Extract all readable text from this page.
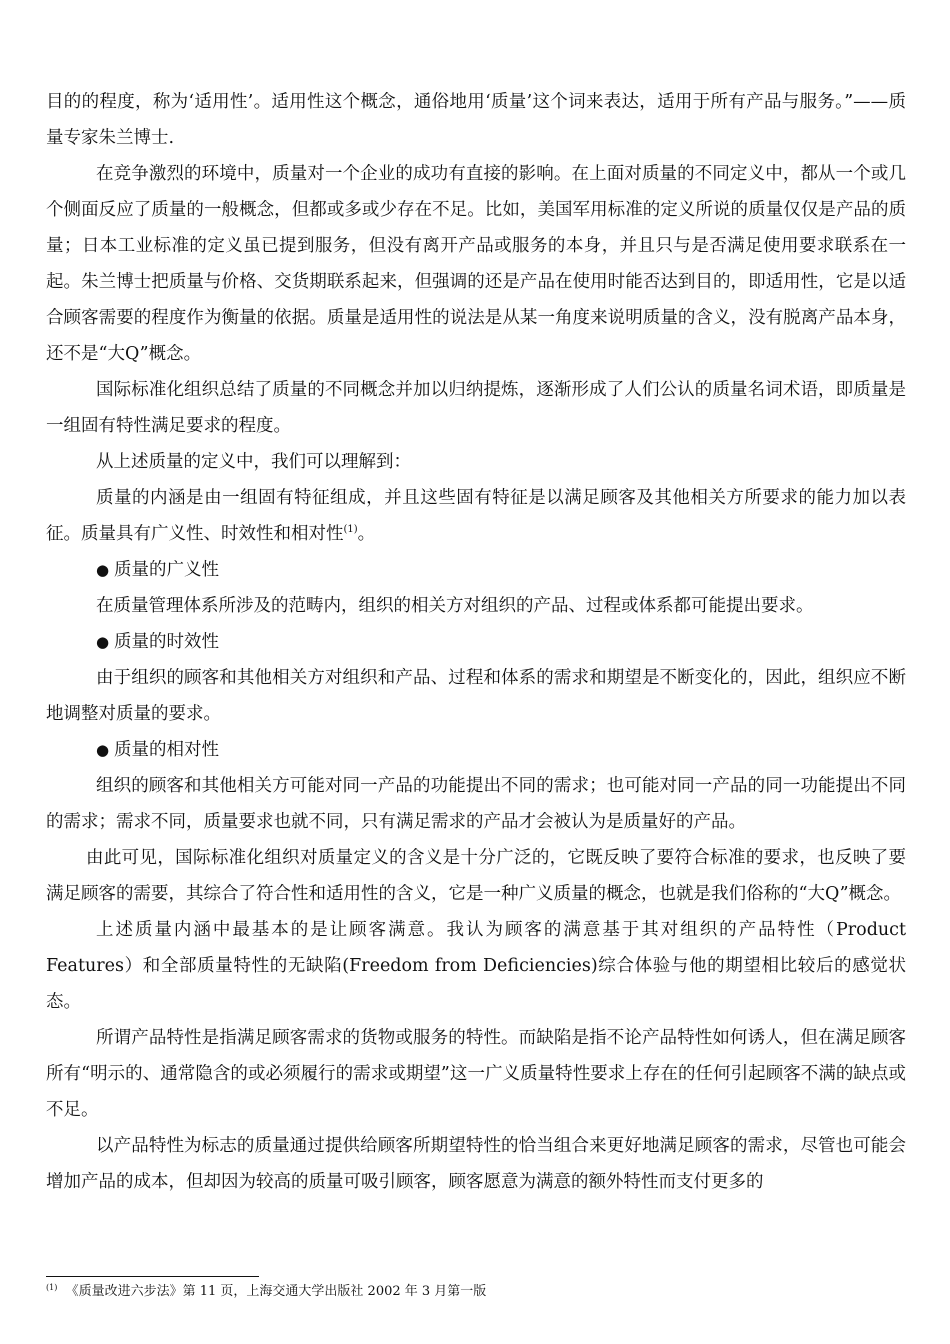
目的的程度，称为‘适用性’。适用性这个概念，通俗地用‘质量’这个词来表达，适用于所有产品与服务。”——质量专家朱兰博士.

在竞争激烈的环境中，质量对一个企业的成功有直接的影响。在上面对质量的不同定义中，都从一个或几个侧面反应了质量的一般概念，但都或多或少存在不足。比如，美国军用标准的定义所说的质量仅仅是产品的质量；日本工业标准的定义虽已提到服务，但没有离开产品或服务的本身，并且只与是否满足使用要求联系在一起。朱兰博士把质量与价格、交货期联系起来，但强调的还是产品在使用时能否达到目的，即适用性，它是以适合顾客需要的程度作为衡量的依据。质量是适用性的说法是从某一角度来说明质量的含义，没有脱离产品本身，还不是“大Q”概念。

国际标准化组织总结了质量的不同概念并加以归纳提炼，逐渐形成了人们公认的质量名词术语，即质量是一组固有特性满足要求的程度。

从上述质量的定义中，我们可以理解到：

质量的内涵是由一组固有特征组成，并且这些固有特征是以满足顾客及其他相关方所要求的能力加以表征。质量具有广义性、时效性和相对性$^{(1)}$。

● 质量的广义性

在质量管理体系所涉及的范畴内，组织的相关方对组织的产品、过程或体系都可能提出要求。

● 质量的时效性

由于组织的顾客和其他相关方对组织和产品、过程和体系的需求和期望是不断变化的，因此，组织应不断地调整对质量的要求。

● 质量的相对性

组织的顾客和其他相关方可能对同一产品的功能提出不同的需求；也可能对同一产品的同一功能提出不同的需求；需求不同，质量要求也就不同，只有满足需求的产品才会被认为是质量好的产品。

由此可见，国际标准化组织对质量定义的含义是十分广泛的，它既反映了要符合标准的要求，也反映了要满足顾客的需要，其综合了符合性和适用性的含义，它是一种广义质量的概念，也就是我们俗称的“大Q”概念。

上述质量内涵中最基本的是让顾客满意。我认为顾客的满意基于其对组织的产品特性（Product Features）和全部质量特性的无缺陷(Freedom from Deficiencies)综合体验与他的期望相比较后的感觉状态。

所谓产品特性是指满足顾客需求的货物或服务的特性。而缺陷是指不论产品特性如何诱人，但在满足顾客所有“明示的、通常隐含的或必须履行的需求或期望”这一广义质量特性要求上存在的任何引起顾客不满的缺点或不足。

以产品特性为标志的质量通过提供给顾客所期望特性的恰当组合来更好地满足顾客的需求，尽管也可能会增加产品的成本，但却因为较高的质量可吸引顾客，顾客愿意为满意的额外特性而支付更多的

$^{(1)}$ 《质量改进六步法》第 11 页，上海交通大学出版社 2002 年 3 月第一版
